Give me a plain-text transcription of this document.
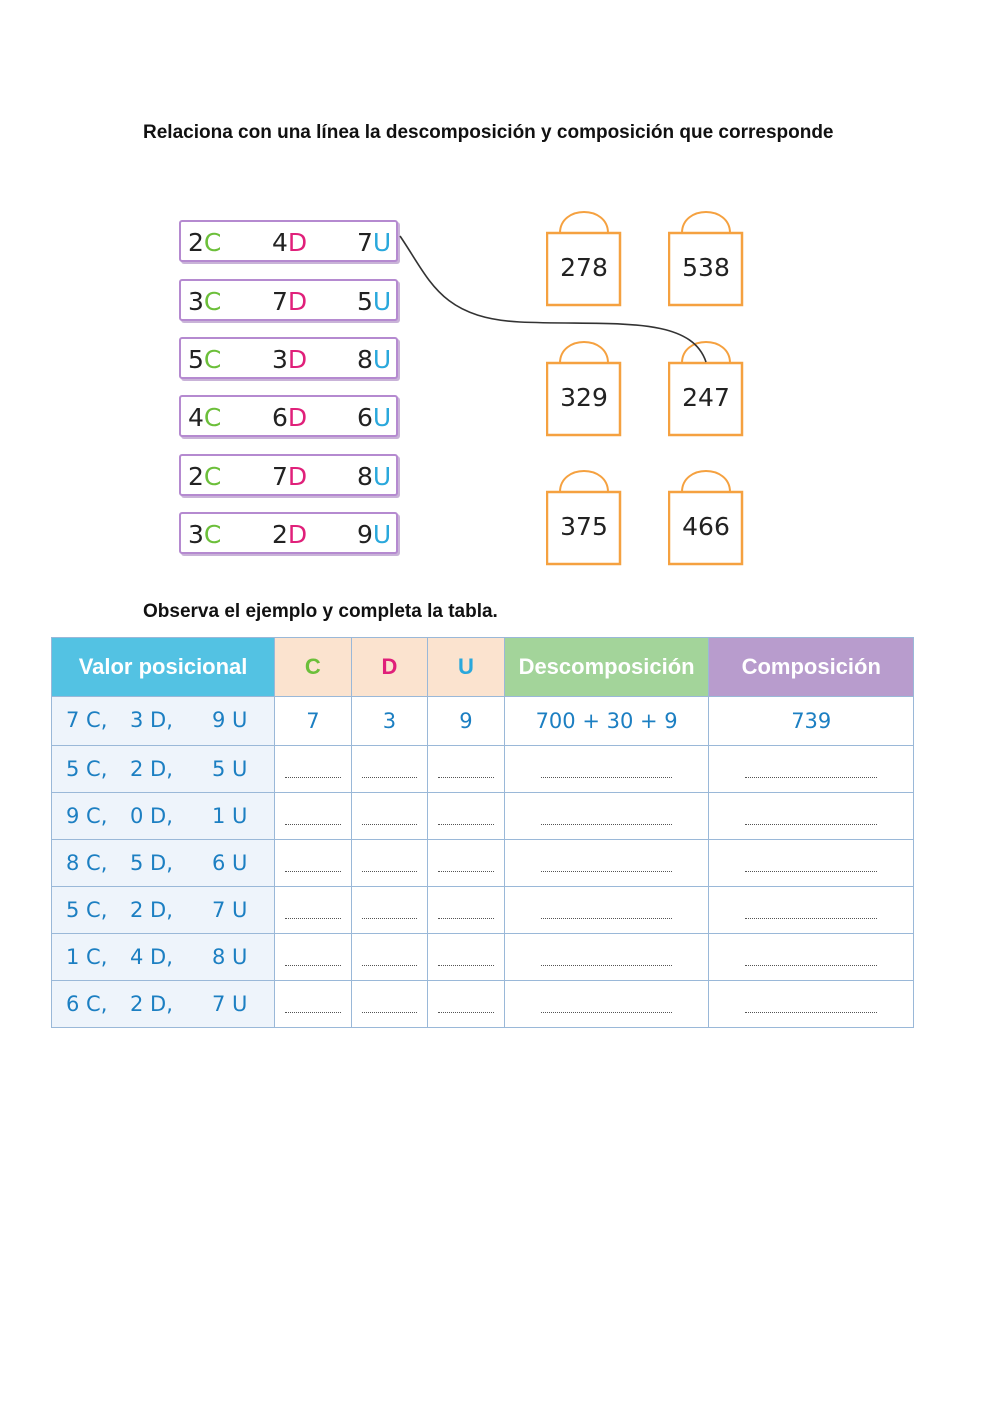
Relaciona con una línea la descomposición y composición que corresponde
2C 4D 7U
3C 7D 5U
5C 3D 8U
4C 6D 6U
2C 7D 8U
3C 2D 9U
278	538
329	247
375	466
Observa el ejemplo y completa la tabla.
Valor posicional	C	D	U	Descomposición	Composición

7 C, 3 D, 9 U	7	3	9	700 + 30 + 9	739

5 C, 2 D, 5 U					

9 C, 0 D, 1 U					

8 C, 5 D, 6 U					

5 C, 2 D, 7 U					

1 C, 4 D, 8 U					

6 C, 2 D, 7 U					
